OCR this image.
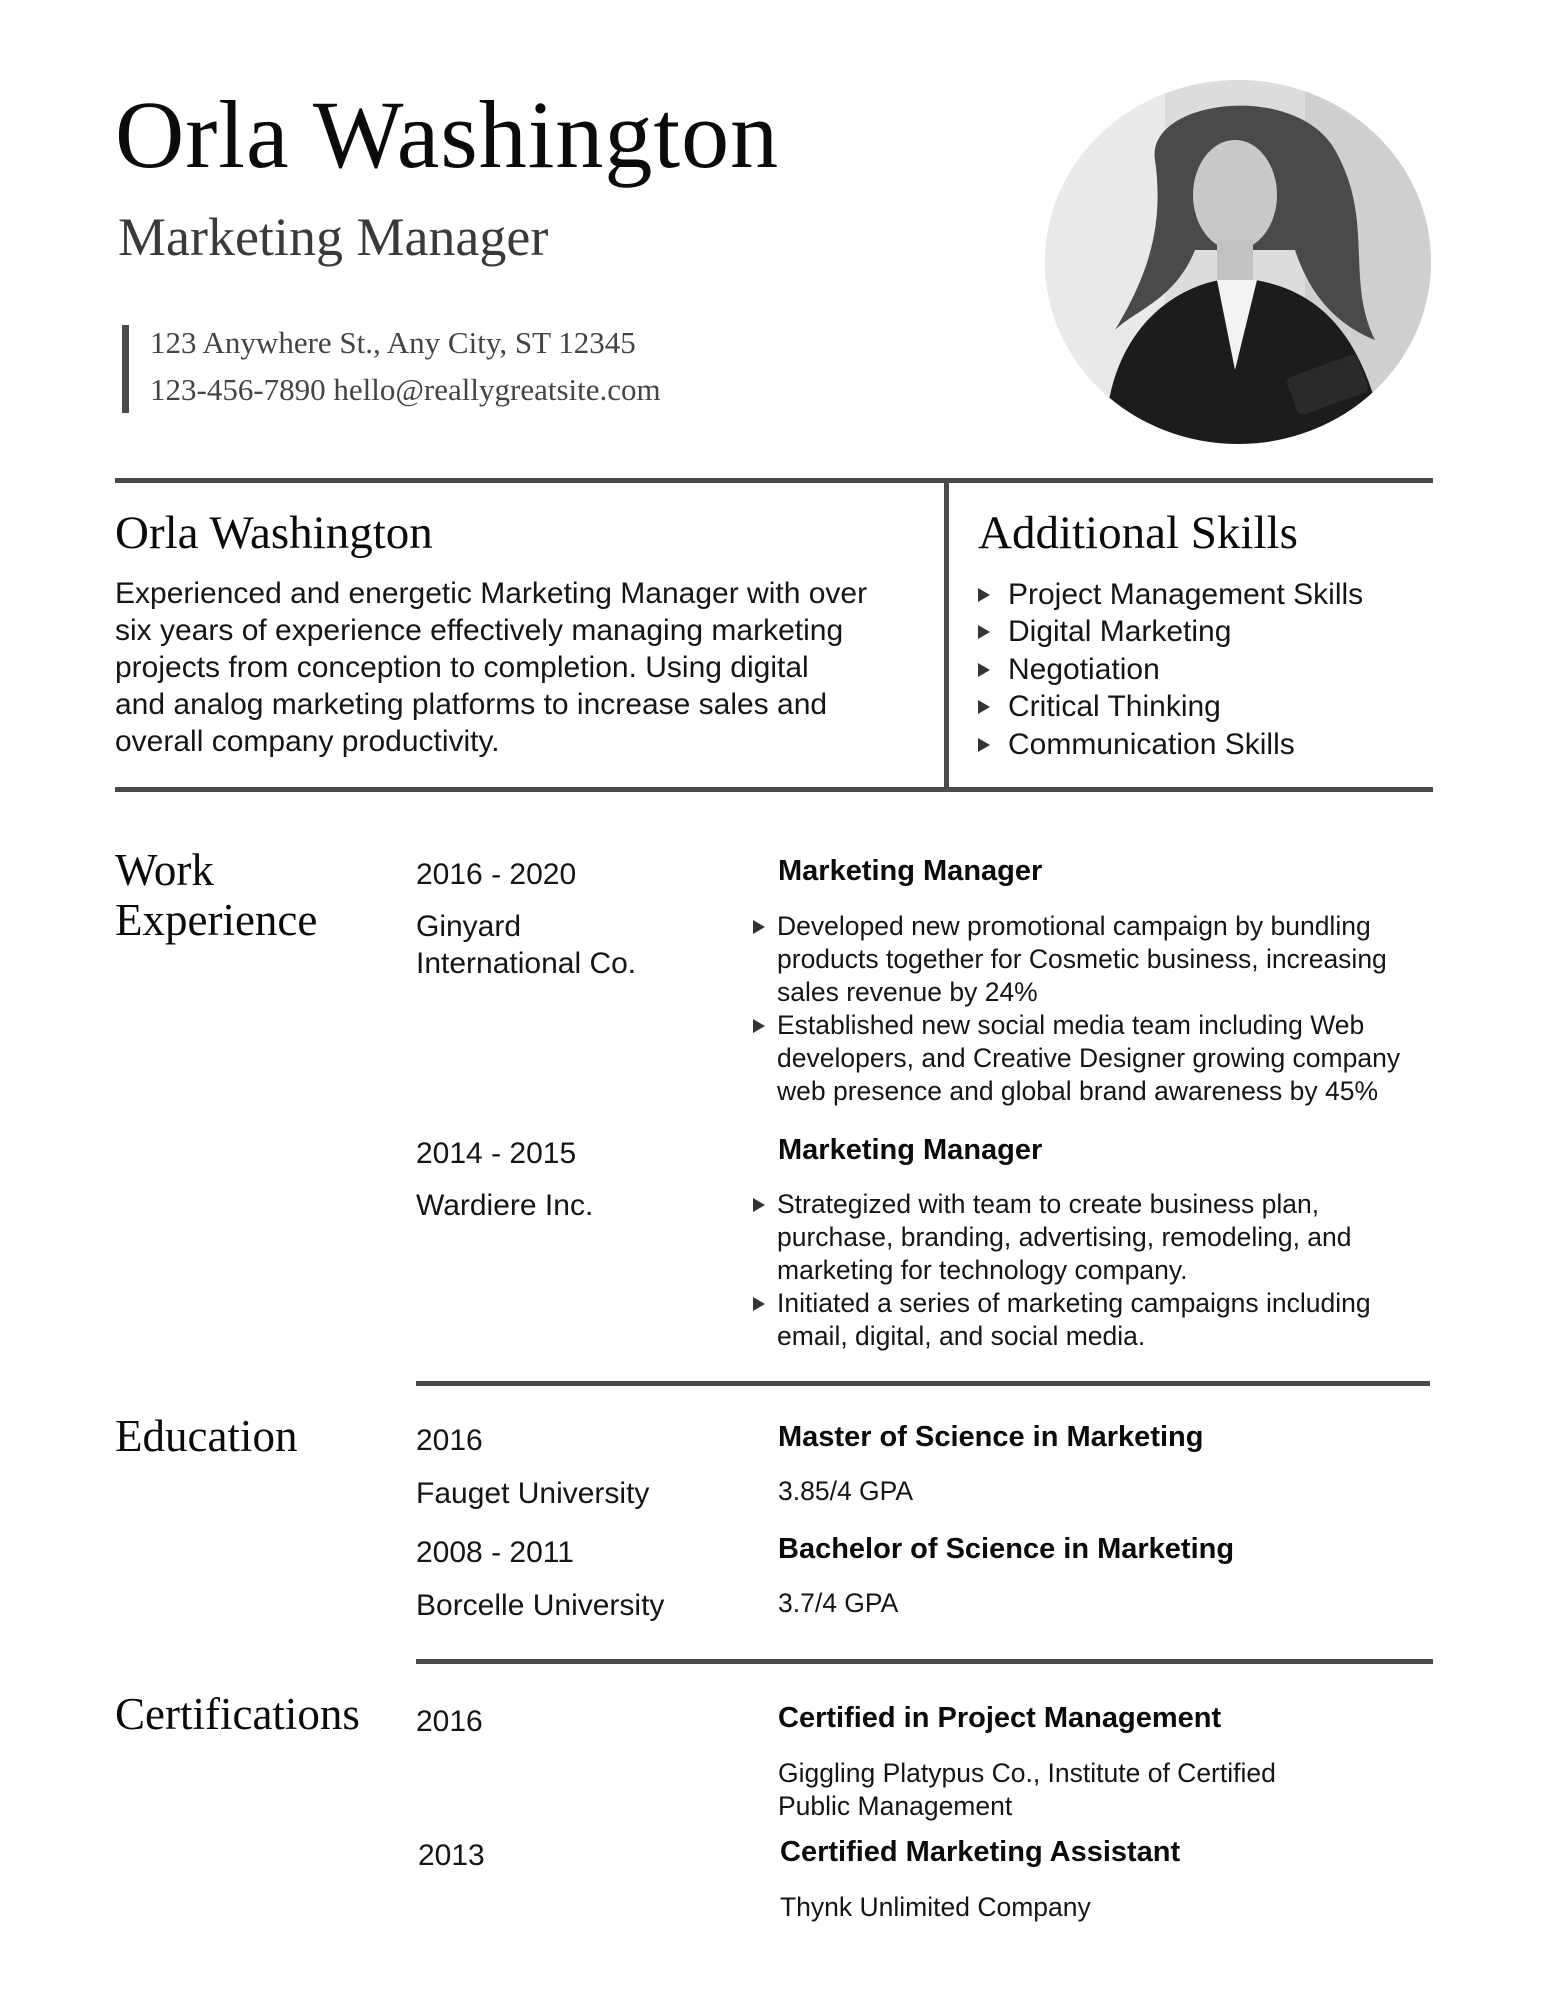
Orla Washington
Marketing Manager
123 Anywhere St., Any City, ST 12345
123-456-7890 hello@reallygreatsite.com
Orla Washington
Experienced and energetic Marketing Manager with over
six years of experience effectively managing marketing
projects from conception to completion. Using digital
and analog marketing platforms to increase sales and
overall company productivity.
Additional Skills
Project Management Skills
Digital Marketing
Negotiation
Critical Thinking
Communication Skills
Work
Experience
2016 - 2020
Ginyard
International Co.
Marketing Manager
Developed new promotional campaign by bundling
products together for Cosmetic business, increasing
sales revenue by 24%
Established new social media team including Web
developers, and Creative Designer growing company
web presence and global brand awareness by 45%
2014 - 2015
Wardiere Inc.
Marketing Manager
Strategized with team to create business plan,
purchase, branding, advertising, remodeling, and
marketing for technology company.
Initiated a series of marketing campaigns including
email, digital, and social media.
Education	2016
Fauget University
Master of Science in Marketing
3.85/4 GPA
2008 - 2011
Borcelle University
Bachelor of Science in Marketing
3.7/4 GPA
Certifications 2016	Certified in Project Management
Giggling Platypus Co., Institute of Certified
Public Management
2013	Certified Marketing Assistant
Thynk Unlimited Company
